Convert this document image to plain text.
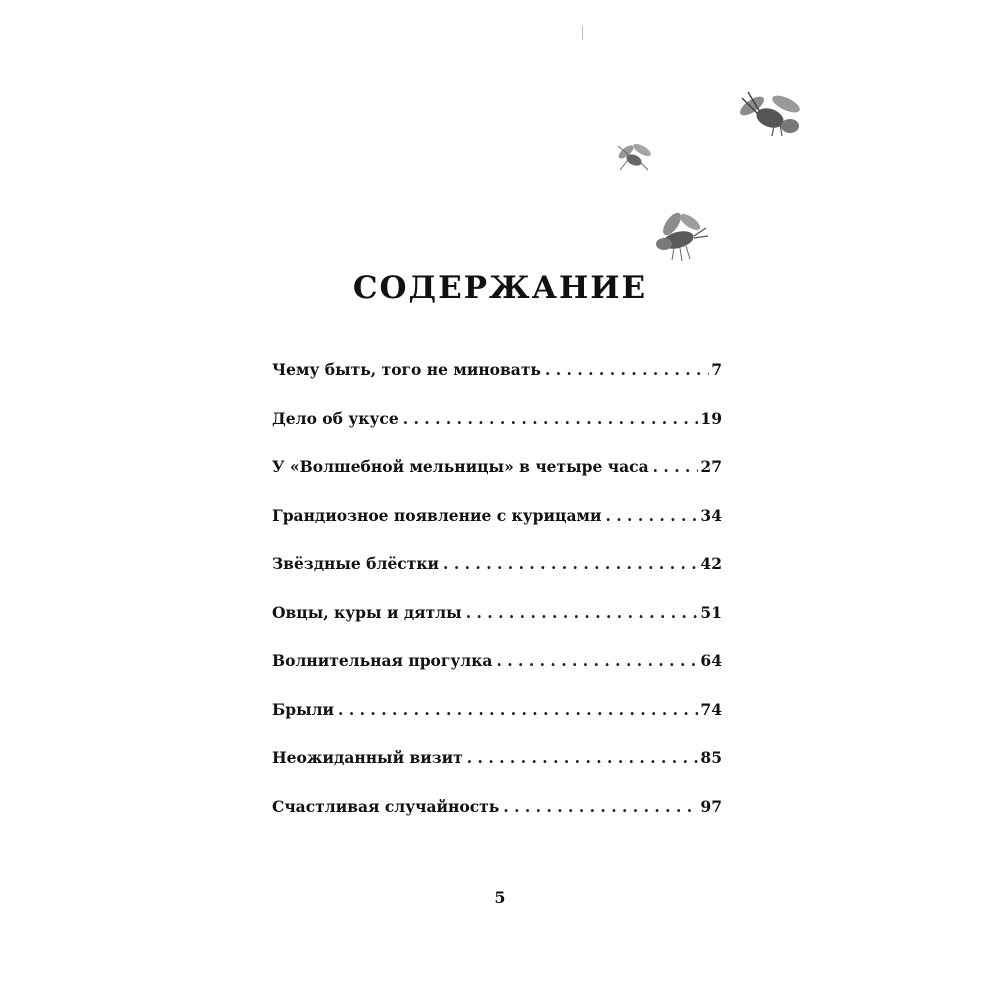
СОДЕРЖАНИЕ
Чему быть, того не миновать . . .	7
Дело об укусе . . .	19
У «Волшебной мельницы» в четыре часа . . .	27
Грандиозное появление с курицами . . .	34
Звёздные блёстки . . .	42
Овцы, куры и дятлы . . .	51
Волнительная прогулка . . .	64
Брыли . . .	74
Неожиданный визит . . .	85
Счастливая случайность . . .	97
5
